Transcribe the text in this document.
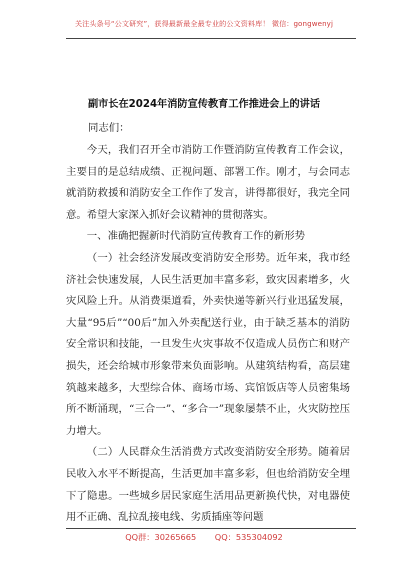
关注头条号“公文研究”，获得最新最全最专业的公文资料库！ 微信：gongwenyj
副市长在2024年消防宣传教育工作推进会上的讲话
同志们：

今天，我们召开全市消防工作暨消防宣传教育工作会议，主要目的是总结成绩、正视问题、部署工作。刚才，与会同志就消防救援和消防安全工作作了发言，讲得都很好，我完全同意。希望大家深入抓好会议精神的贯彻落实。

一、准确把握新时代消防宣传教育工作的新形势

（一）社会经济发展改变消防安全形势。近年来，我市经济社会快速发展，人民生活更加丰富多彩，致灾因素增多，火灾风险上升。从消费渠道看，外卖快递等新兴行业迅猛发展，大量“95后”“00后”加入外卖配送行业，由于缺乏基本的消防安全常识和技能，一旦发生火灾事故不仅造成人员伤亡和财产损失，还会给城市形象带来负面影响。从建筑结构看，高层建筑越来越多，大型综合体、商场市场、宾馆饭店等人员密集场所不断涌现，“三合一”、“多合一”现象屡禁不止，火灾防控压力增大。

（二）人民群众生活消费方式改变消防安全形势。随着居民收入水平不断提高，生活更加丰富多彩，但也给消防安全埋下了隐患。一些城乡居民家庭生活用品更新换代快，对电器使用不正确、乱拉乱接电线、劣质插座等问题

QQ群：30265665 QQ：535304092
